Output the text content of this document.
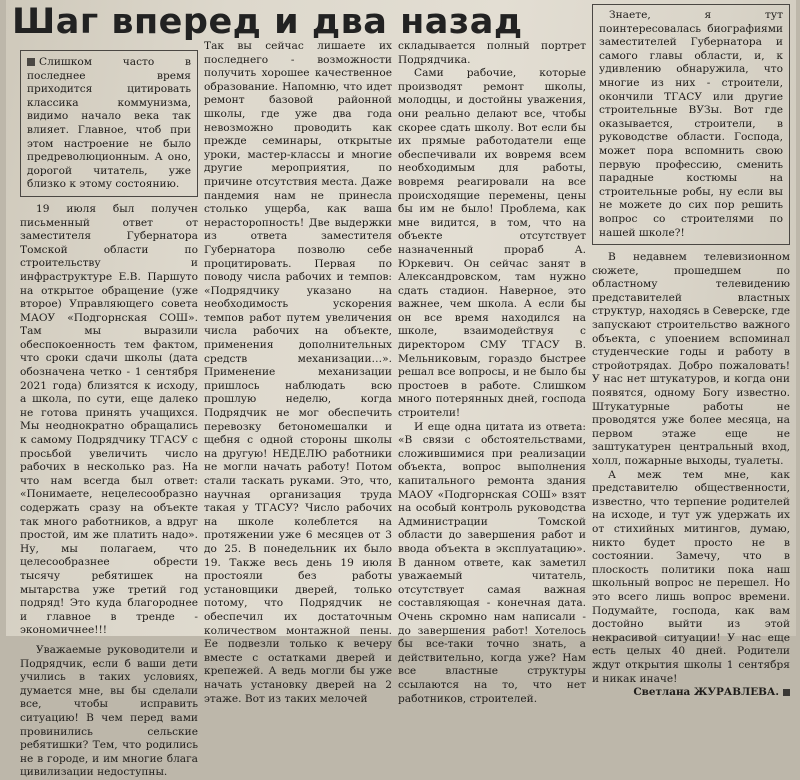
Шаг вперед и два назад

Слишком часто в последнее время приходится цитировать классика коммунизма, видимо начало века так влияет. Главное, чтоб при этом настроение не было предреволюционным. А оно, дорогой читатель, уже близко к этому состоянию.

19 июля был получен письменный ответ от заместителя Губернатора Томской области по строительству и инфраструктуре Е.В. Паршуто на открытое обращение (уже второе) Управляющего совета МАОУ «Подгорнская СОШ». Там мы выразили обеспокоенность тем фактом, что сроки сдачи школы (дата обозначена четко - 1 сентября 2021 года) близятся к исходу, а школа, по сути, еще далеко не готова принять учащихся. Мы неоднократно обращались к самому Подрядчику ТГАСУ с просьбой увеличить число рабочих в несколько раз. На что нам всегда был ответ: «Понимаете, нецелесообразно содержать сразу на объекте так много работников, а вдруг простой, им же платить надо». Ну, мы полагаем, что целесообразнее обрести тысячу ребятишек на мытарства уже третий год подряд! Это куда благороднее и главное в тренде - экономичнее!!!

Уважаемые руководители и Подрядчик, если б ваши дети учились в таких условиях, думается мне, вы бы сделали все, чтобы исправить ситуацию! В чем перед вами провинились сельские ребятишки? Тем, что родились не в городе, и им многие блага цивилизации недоступны.

Так вы сейчас лишаете их последнего - возможности получить хорошее качественное образование. Напомню, что идет ремонт базовой районной школы, где уже два года невозможно проводить как прежде семинары, открытые уроки, мастер-классы и многие другие мероприятия, по причине отсутствия места. Даже пандемия нам не принесла столько ущерба, как ваша нерасторопность! Две выдержки из ответа заместителя Губернатора позволю себе процитировать. Первая по поводу числа рабочих и темпов: «Подрядчику указано на необходимость ускорения темпов работ путем увеличения числа рабочих на объекте, применения дополнительных средств механизации…». Применение механизации пришлось наблюдать всю прошлую неделю, когда Подрядчик не мог обеспечить перевозку бетономешалки и щебня с одной стороны школы на другую! НЕДЕЛЮ работники не могли начать работу! Потом стали таскать руками. Это, что, научная организация труда такая у ТГАСУ? Число рабочих на школе колеблется на протяжении уже 6 месяцев от 3 до 25. В понедельник их было 19. Также весь день 19 июля простояли без работы установщики дверей, только потому, что Подрядчик не обеспечил их достаточным количеством монтажной пены. Ее подвезли только к вечеру вместе с остатками дверей и крепежей. А ведь могли бы уже начать установку дверей на 2 этаже. Вот из таких мелочей

складывается полный портрет Подрядчика.

Сами рабочие, которые производят ремонт школы, молодцы, и достойны уважения, они реально делают все, чтобы скорее сдать школу. Вот если бы их прямые работодатели еще обеспечивали их вовремя всем необходимым для работы, вовремя реагировали на все происходящие перемены, цены бы им не было! Проблема, как мне видится, в том, что на объекте отсутствует назначенный прораб А. Юркевич. Он сейчас занят в Александровском, там нужно сдать стадион. Наверное, это важнее, чем школа. А если бы он все время находился на школе, взаимодействуя с директором СМУ ТГАСУ В. Мельниковым, гораздо быстрее решал все вопросы, и не было бы простоев в работе. Слишком много потерянных дней, господа строители!

И еще одна цитата из ответа: «В связи с обстоятельствами, сложившимися при реализации объекта, вопрос выполнения капитального ремонта здания МАОУ «Подгорнская СОШ» взят на особый контроль руководства Администрации Томской области до завершения работ и ввода объекта в эксплуатацию». В данном ответе, как заметил уважаемый читатель, отсутствует самая важная составляющая - конечная дата. Очень скромно нам написали - до завершения работ! Хотелось бы все-таки точно знать, а действительно, когда уже? Нам все властные структуры ссылаются на то, что нет работников, строителей.

Знаете, я тут поинтересовалась биографиями заместителей Губернатора и самого главы области, и, к удивлению обнаружила, что многие из них - строители, окончили ТГАСУ или другие строительные ВУЗы. Вот где оказывается, строители, в руководстве области. Господа, может пора вспомнить свою первую профессию, сменить парадные костюмы на строительные робы, ну если вы не можете до сих пор решить вопрос со строителями по нашей школе?!

В недавнем телевизионном сюжете, прошедшем по областному телевидению представителей властных структур, находясь в Северске, где запускают строительство важного объекта, с упоением вспоминал студенческие годы и работу в стройотрядах. Добро пожаловать! У нас нет штукатуров, и когда они появятся, одному Богу известно. Штукатурные работы не проводятся уже более месяца, на первом этаже еще не заштукатурен центральный вход, холл, пожарные выходы, туалеты.

А меж тем мне, как представителю общественности, известно, что терпение родителей на исходе, и тут уж удержать их от стихийных митингов, думаю, никто будет просто не в состоянии. Замечу, что в плоскость политики пока наш школьный вопрос не перешел. Но это всего лишь вопрос времени. Подумайте, господа, как вам достойно выйти из этой некрасивой ситуации! У нас еще есть целых 40 дней. Родители ждут открытия школы 1 сентября и никак иначе!

Светлана ЖУРАВЛЕВА.
